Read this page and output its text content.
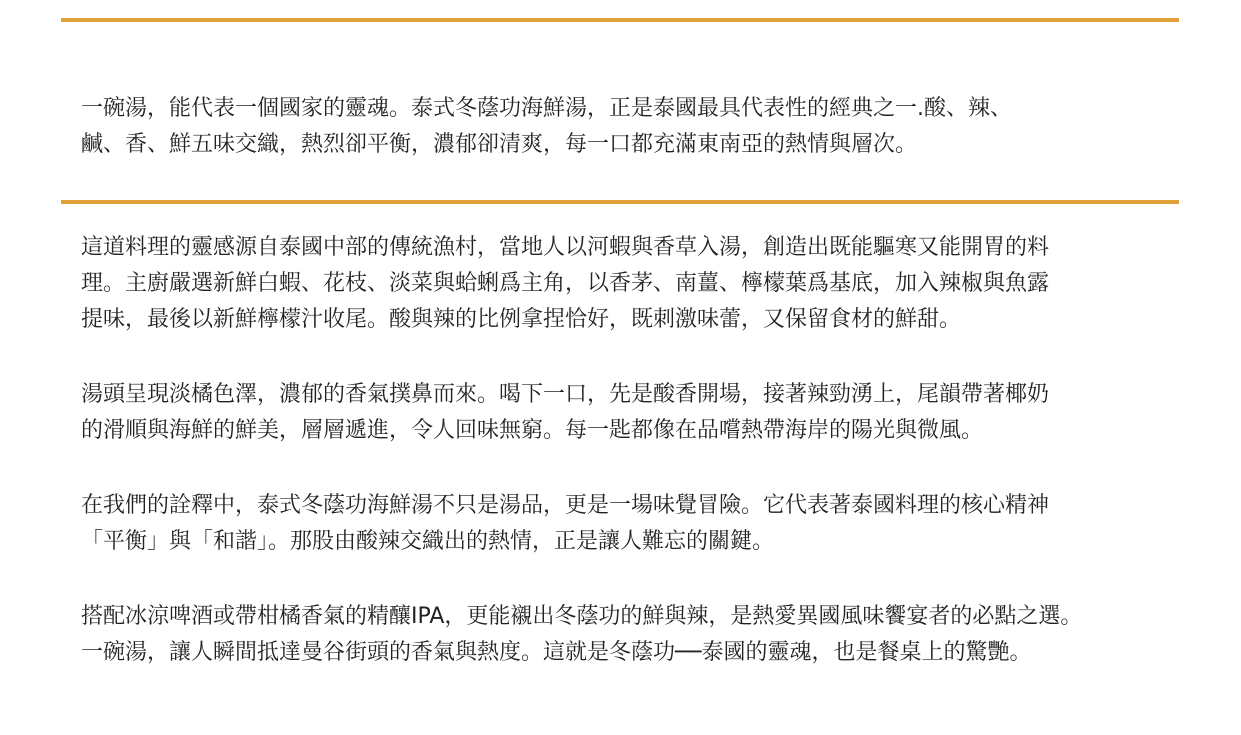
一碗湯，能代表一個國家的靈魂。泰式冬蔭功海鮮湯，正是泰國最具代表性的經典之一.酸、辣、
鹹、香、鮮五味交織，熱烈卻平衡，濃郁卻清爽，每一口都充滿東南亞的熱情與層次。
這道料理的靈感源自泰國中部的傳統漁村，當地人以河蝦與香草入湯，創造出既能驅寒又能開胃的料
理。主廚嚴選新鮮白蝦、花枝、淡菜與蛤蜊爲主角，以香茅、南薑、檸檬葉爲基底，加入辣椒與魚露
提味，最後以新鮮檸檬汁收尾。酸與辣的比例拿捏恰好，既刺激味蕾，又保留食材的鮮甜。
湯頭呈現淡橘色澤，濃郁的香氣撲鼻而來。喝下一口，先是酸香開場，接著辣勁湧上，尾韻帶著椰奶
的滑順與海鮮的鮮美，層層遞進，令人回味無窮。每一匙都像在品嚐熱帶海岸的陽光與微風。
在我們的詮釋中，泰式冬蔭功海鮮湯不只是湯品，更是一場味覺冒險。它代表著泰國料理的核心精神
「平衡」與「和諧」。那股由酸辣交織出的熱情，正是讓人難忘的關鍵。
搭配冰涼啤酒或帶柑橘香氣的精釀IPA，更能襯出冬蔭功的鮮與辣，是熱愛異國風味饗宴者的必點之選。
一碗湯，讓人瞬間抵達曼谷街頭的香氣與熱度。這就是冬蔭功──泰國的靈魂，也是餐桌上的驚艷。
